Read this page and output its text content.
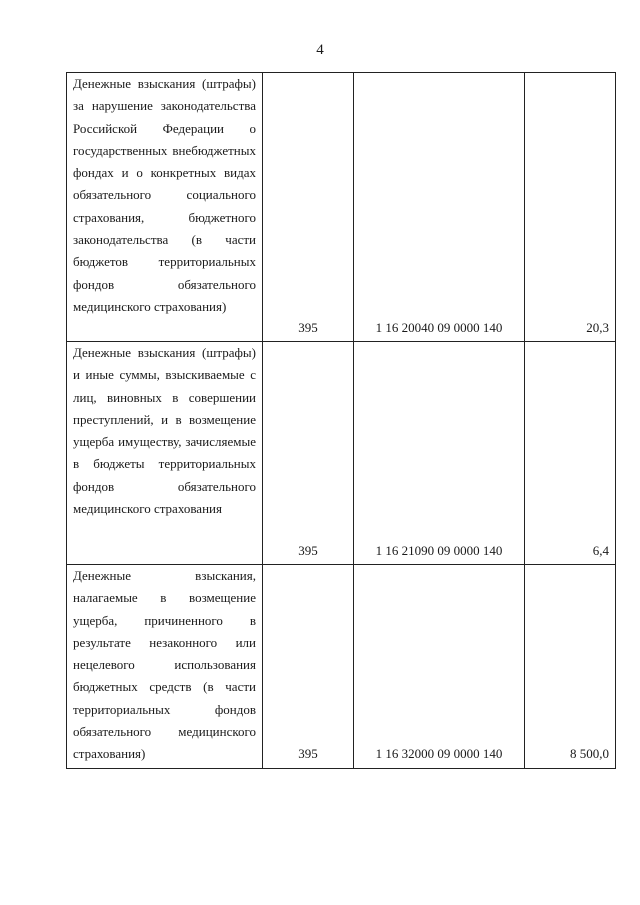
4
Денежные взыскания (штрафы) за нарушение законодательства Российской Федерации о государственных внебюджетных фондах и о конкретных видах обязательного социального страхования, бюджетного законодательства (в части бюджетов территориальных фондов обязательного медицинского страхования)	395	1 16 20040 09 0000 140	20,3

Денежные взыскания (штрафы) и иные суммы, взыскиваемые с лиц, виновных в совершении преступлений, и в возмещение ущерба имуществу, зачисляемые в бюджеты территориальных фондов обязательного медицинского страхования	395	1 16 21090 09 0000 140	6,4

Денежные взыскания, налагаемые в возмещение ущерба, причиненного в результате незаконного или нецелевого использования бюджетных средств (в части территориальных фондов обязательного медицинского страхования)	395	1 16 32000 09 0000 140	8 500,0
